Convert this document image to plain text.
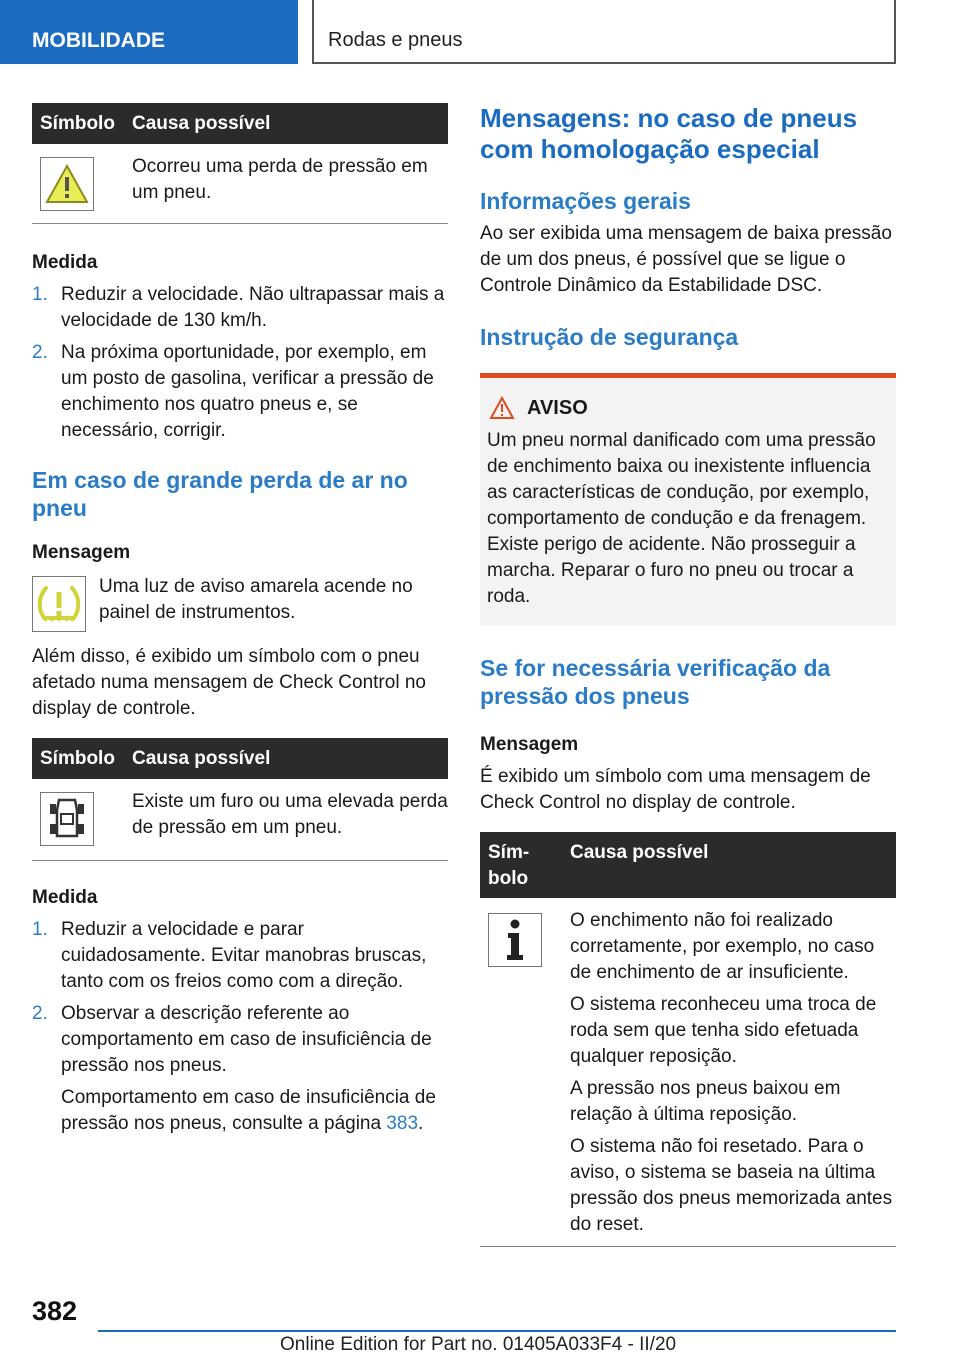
MOBILIDADE	Rodas e pneus
Símbolo Causa possível
Ocorreu uma perda de pressão em um pneu.
Medida
1. Reduzir a velocidade. Não ultrapassar mais a velocidade de 130 km/h.
2. Na próxima oportunidade, por exemplo, em um posto de gasolina, verificar a pressão de enchimento nos quatro pneus e, se necessário, corrigir.
Em caso de grande perda de ar no pneu
Mensagem

Uma luz de aviso amarela acende no painel de instrumentos.

Além disso, é exibido um símbolo com o pneu afetado numa mensagem de Check Control no display de controle.

Símbolo Causa possível
Existe um furo ou uma elevada perda de pressão em um pneu.
Medida
1. Reduzir a velocidade e parar cuidadosamente. Evitar manobras bruscas, tanto com os freios como com a direção.
2. Observar a descrição referente ao comportamento em caso de insuficiência de pressão nos pneus.

Comportamento em caso de insuficiência de pressão nos pneus, consulte a página 383.

Mensagens: no caso de pneus com homologação especial
Informações gerais

Ao ser exibida uma mensagem de baixa pressão de um dos pneus, é possível que se ligue o Controle Dinâmico da Estabilidade DSC.

Instrução de segurança
AVISO

Um pneu normal danificado com uma pressão de enchimento baixa ou inexistente influencia as características de condução, por exemplo, comportamento de condução e da frenagem. Existe perigo de acidente. Não prosseguir a marcha. Reparar o furo no pneu ou trocar a roda.

Se for necessária verificação da pressão dos pneus
Mensagem

É exibido um símbolo com uma mensagem de Check Control no display de controle.

Sím-bolo
Causa possível

O enchimento não foi realizado corretamente, por exemplo, no caso de enchimento de ar insuficiente.

O sistema reconheceu uma troca de roda sem que tenha sido efetuada qualquer reposição.

A pressão nos pneus baixou em relação à última reposição.

O sistema não foi resetado. Para o aviso, o sistema se baseia na última pressão dos pneus memorizada antes do reset.

382
Online Edition for Part no. 01405A033F4 - II/20
